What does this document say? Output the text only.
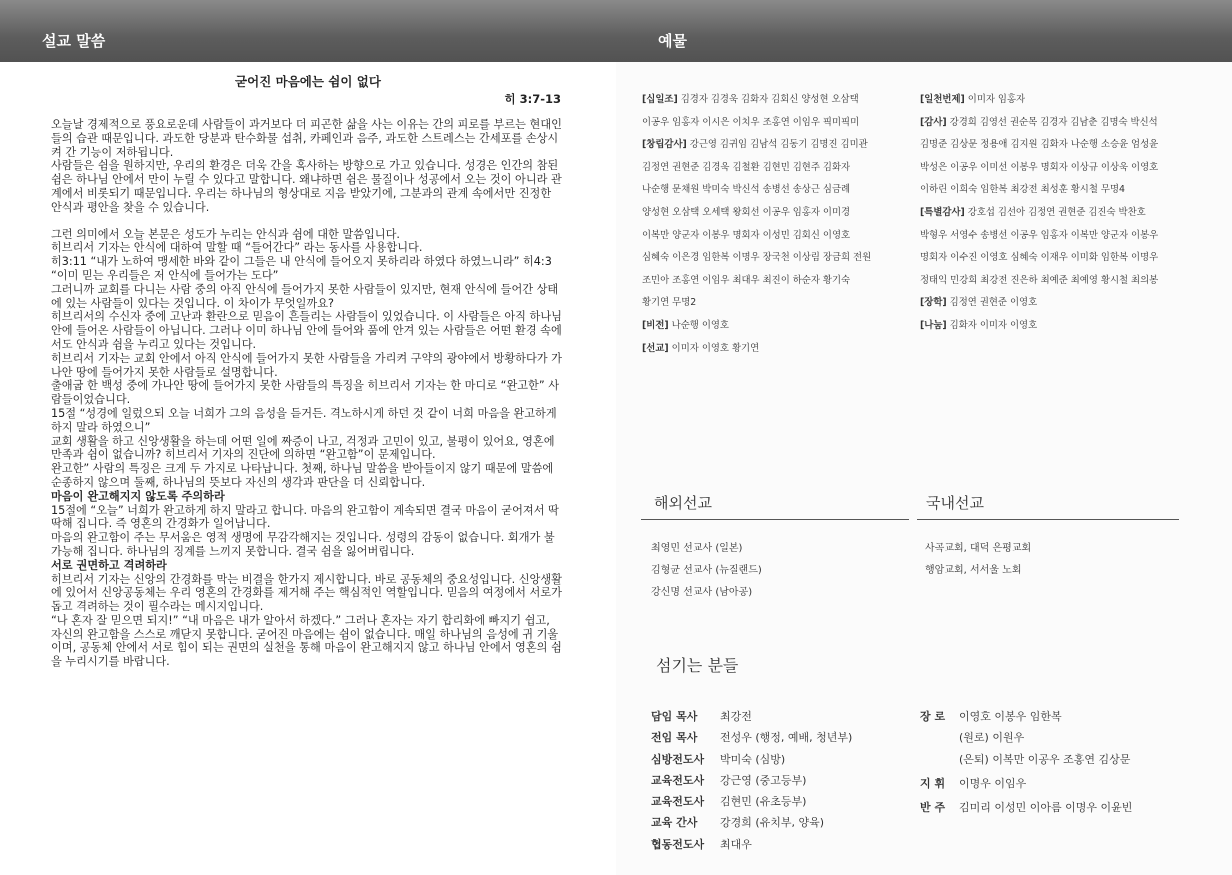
설교 말씀
굳어진 마음에는 쉼이 없다
히 3:7-13

오늘날 경제적으로 풍요로운데 사람들이 과거보다 더 피곤한 삶을 사는 이유는 간의 피로를 부르는 현대인들의 습관 때문입니다. 과도한 당분과 탄수화물 섭취, 카페인과 음주, 과도한 스트레스는 간세포를 손상시켜 간 기능이 저하됩니다.

사람들은 쉼을 원하지만, 우리의 환경은 더욱 간을 혹사하는 방향으로 가고 있습니다. 성경은 인간의 참된 쉼은 하나님 안에서 만이 누릴 수 있다고 말합니다. 왜냐하면 쉼은 물질이나 성공에서 오는 것이 아니라 관계에서 비롯되기 때문입니다. 우리는 하나님의 형상대로 지음 받았기에, 그분과의 관계 속에서만 진정한 안식과 평안을 찾을 수 있습니다.

그런 의미에서 오늘 본문은 성도가 누리는 안식과 쉼에 대한 말씀입니다.

히브리서 기자는 안식에 대하여 말할 때 “들어간다” 라는 동사를 사용합니다.

히3:11 “내가 노하여 맹세한 바와 같이 그들은 내 안식에 들어오지 못하리라 하였다 하였느니라” 히4:3 “이미 믿는 우리들은 저 안식에 들어가는 도다”

그러니까 교회를 다니는 사람 중의 아직 안식에 들어가지 못한 사람들이 있지만, 현재 안식에 들어간 상태에 있는 사람들이 있다는 것입니다. 이 차이가 무엇일까요?

히브리서의 수신자 중에 고난과 환란으로 믿음이 흔들리는 사람들이 있었습니다. 이 사람들은 아직 하나님 안에 들어온 사람들이 아닙니다. 그러나 이미 하나님 안에 들어와 품에 안겨 있는 사람들은 어떤 환경 속에서도 안식과 쉼을 누리고 있다는 것입니다.

히브리서 기자는 교회 안에서 아직 안식에 들어가지 못한 사람들을 가리켜 구약의 광야에서 방황하다가 가나안 땅에 들어가지 못한 사람들로 설명합니다.

출애굽 한 백성 중에 가나안 땅에 들어가지 못한 사람들의 특징을 히브리서 기자는 한 마디로 “완고한” 사람들이었습니다.

15절 “성경에 일렀으되 오늘 너희가 그의 음성을 듣거든. 격노하시게 하던 것 같이 너희 마음을 완고하게 하지 말라 하였으니”

교회 생활을 하고 신앙생활을 하는데 어떤 일에 짜증이 나고, 걱정과 고민이 있고, 불평이 있어요, 영혼에 만족과 쉼이 없습니까? 히브리서 기자의 진단에 의하면 “완고함”이 문제입니다.

완고한” 사람의 특징은 크게 두 가지로 나타납니다. 첫째, 하나님 말씀을 받아들이지 않기 때문에 말씀에 순종하지 않으며 둘째, 하나님의 뜻보다 자신의 생각과 판단을 더 신뢰합니다.

마음이 완고해지지 않도록 주의하라

15절에 “오늘” 너희가 완고하게 하지 말라고 합니다. 마음의 완고함이 계속되면 결국 마음이 굳어져서 딱딱해 집니다. 즉 영혼의 간경화가 일어납니다.

마음의 완고함이 주는 무서움은 영적 생명에 무감각해지는 것입니다. 성령의 감동이 없습니다. 회개가 불가능해 집니다. 하나님의 징계를 느끼지 못합니다. 결국 쉼을 잃어버립니다.

서로 권면하고 격려하라

히브리서 기자는 신앙의 간경화를 막는 비결을 한가지 제시합니다. 바로 공동체의 중요성입니다. 신앙생활에 있어서 신앙공동체는 우리 영혼의 간경화를 제거해 주는 핵심적인 역할입니다. 믿음의 여정에서 서로가 돕고 격려하는 것이 필수라는 메시지입니다.

“나 혼자 잘 믿으면 되지!” “내 마음은 내가 알아서 하겠다.” 그러나 혼자는 자기 합리화에 빠지기 쉽고, 자신의 완고함을 스스로 깨닫지 못합니다. 굳어진 마음에는 쉼이 없습니다. 매일 하나님의 음성에 귀 기울이며, 공동체 안에서 서로 힘이 되는 권면의 실천을 통해 마음이 완고해지지 않고 하나님 안에서 영혼의 쉼을 누리시기를 바랍니다.

예물
[십일조] 김경자 김경욱 김화자 김회신 양성현 오삼택
이공우 임홍자 이시은 이치우 조홍연 이임우 픽미픽미
[창립감사] 강근영 김귀임 김남석 김동기 김명진 김미관
김정연 권현준 김경욱 김철환 김현민 김현주 김화자
나순행 문채원 박미숙 박신석 송병선 송상근 심금례
양성현 오삼택 오세택 왕회선 이공우 임홍자 이미경
이복만 양군자 이봉우 명회자 이성민 김회신 이영호
심혜숙 이은경 임한복 이명우 장국천 이상림 장금희 전원
조민아 조홍연 이임우 최대우 최진이 하순자 황기숙
황기연 무명2
[비전] 나순행 이영호
[선교] 이미자 이영호 황기연
[일천번제] 이미자 임홍자
[감사] 강경희 김영선 권순목 김경자 김남춘 김명숙 박신석
김명준 김상문 정용애 김지원 김화자 나순행 소승윤 엄성윤
박성은 이공우 이미선 이봉우 명회자 이상규 이상욱 이영호
이하린 이희숙 임한복 최강전 최성훈 황시철 무명4
[특별감사] 강호섭 김선아 김정연 권현준 김진숙 박찬호
박형우 서영수 송병선 이공우 임홍자 이복만 양군자 이봉우
명회자 이수진 이영호 심혜숙 이재우 이미화 임한복 이명우
정태익 민강희 최강전 진은하 최예준 최예영 황시철 최의봉
[장학] 김정연 권현준 이영호
[나눔] 김화자 이미자 이영호
해외선교
최영민 선교사 (일본)
김형균 선교사 (뉴질랜드)
강신명 선교사 (남아공)
국내선교
사곡교회, 대덕 은평교회
행암교회, 서서울 노회
섬기는 분들
담임 목사 최강전
전임 목사 전성우 (행정, 예배, 청년부)
심방전도사 박미숙 (심방)
교육전도사 강근영 (중고등부)
교육전도사 김현민 (유초등부)
교육 간사 강경희 (유치부, 양육)
협동전도사 최대우
장 로 이영호 이봉우 임한복
(원로) 이원우
(은퇴) 이복만 이공우 조홍연 김상문
지 휘 이명우 이임우
반 주 김미리 이성민 이아름 이명우 이윤빈
